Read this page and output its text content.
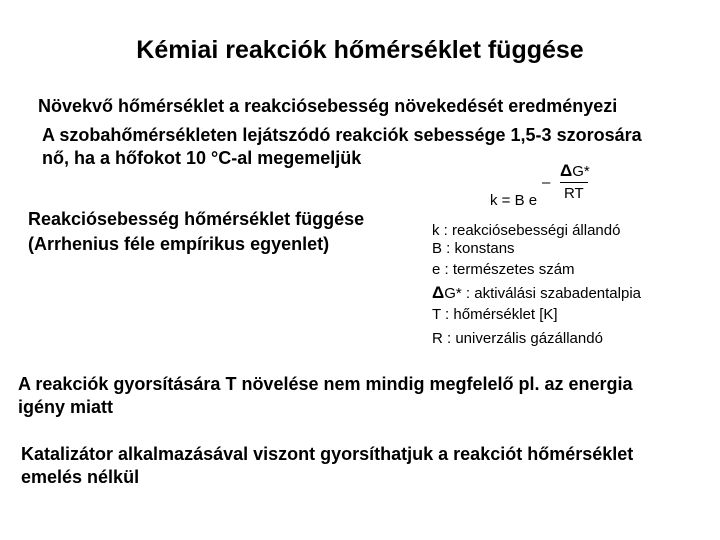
Kémiai reakciók hőmérséklet függése
Növekvő hőmérséklet a reakciósebesség növekedését eredményezi
A szobahőmérsékleten lejátszódó reakciók sebessége 1,5-3 szorosára
nő, ha a hőfokot 10 °C-al megemeljük
Reakciósebesség hőmérséklet függése
(Arrhenius féle empírikus egyenlet)
k = B e
–
ΔG*
RT
k : reakciósebességi állandó
B : konstans
e : természetes szám
ΔG* : aktiválási szabadentalpia
T : hőmérséklet [K]
R : univerzális gázállandó
A reakciók gyorsítására T növelése nem mindig megfelelő pl. az energia
igény miatt
Katalizátor alkalmazásával viszont gyorsíthatjuk a reakciót hőmérséklet
emelés nélkül
